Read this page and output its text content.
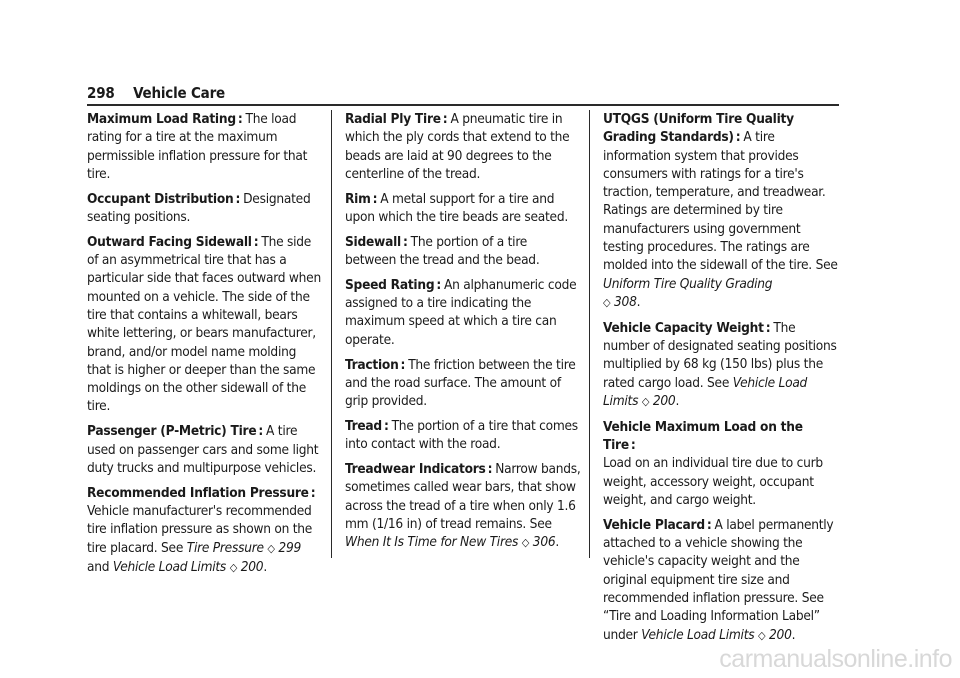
298 Vehicle Care

Maximum Load Rating : The load rating for a tire at the maximum permissible inflation pressure for that tire.

Occupant Distribution : Designated seating positions.

Outward Facing Sidewall : The side of an asymmetrical tire that has a particular side that faces outward when mounted on a vehicle. The side of the tire that contains a whitewall, bears white lettering, or bears manufacturer, brand, and/or model name molding that is higher or deeper than the same moldings on the other sidewall of the tire.

Passenger (P-Metric) Tire : A tire used on passenger cars and some light duty trucks and multipurpose vehicles.

Recommended Inflation Pressure :
Vehicle manufacturer's recommended tire inflation pressure as shown on the tire placard. See Tire Pressure ◇ 299 and Vehicle Load Limits ◇ 200.

Radial Ply Tire : A pneumatic tire in which the ply cords that extend to the beads are laid at 90 degrees to the centerline of the tread.

Rim : A metal support for a tire and upon which the tire beads are seated.

Sidewall : The portion of a tire between the tread and the bead.

Speed Rating : An alphanumeric code assigned to a tire indicating the maximum speed at which a tire can operate.

Traction : The friction between the tire and the road surface. The amount of grip provided.

Tread : The portion of a tire that comes into contact with the road.

Treadwear Indicators : Narrow bands, sometimes called wear bars, that show across the tread of a tire when only 1.6 mm (1/16 in) of tread remains. See When It Is Time for New Tires ◇ 306.

UTQGS (Uniform Tire Quality Grading Standards) : A tire information system that provides consumers with ratings for a tire's traction, temperature, and treadwear. Ratings are determined by tire manufacturers using government testing procedures. The ratings are molded into the sidewall of the tire. See Uniform Tire Quality Grading
◇ 308.

Vehicle Capacity Weight : The number of designated seating positions multiplied by 68 kg (150 lbs) plus the rated cargo load. See Vehicle Load Limits ◇ 200.

Vehicle Maximum Load on the Tire :
Load on an individual tire due to curb weight, accessory weight, occupant weight, and cargo weight.

Vehicle Placard : A label permanently attached to a vehicle showing the vehicle's capacity weight and the original equipment tire size and recommended inflation pressure. See “Tire and Loading Information Label” under Vehicle Load Limits ◇ 200.

carmanualsonline.info
